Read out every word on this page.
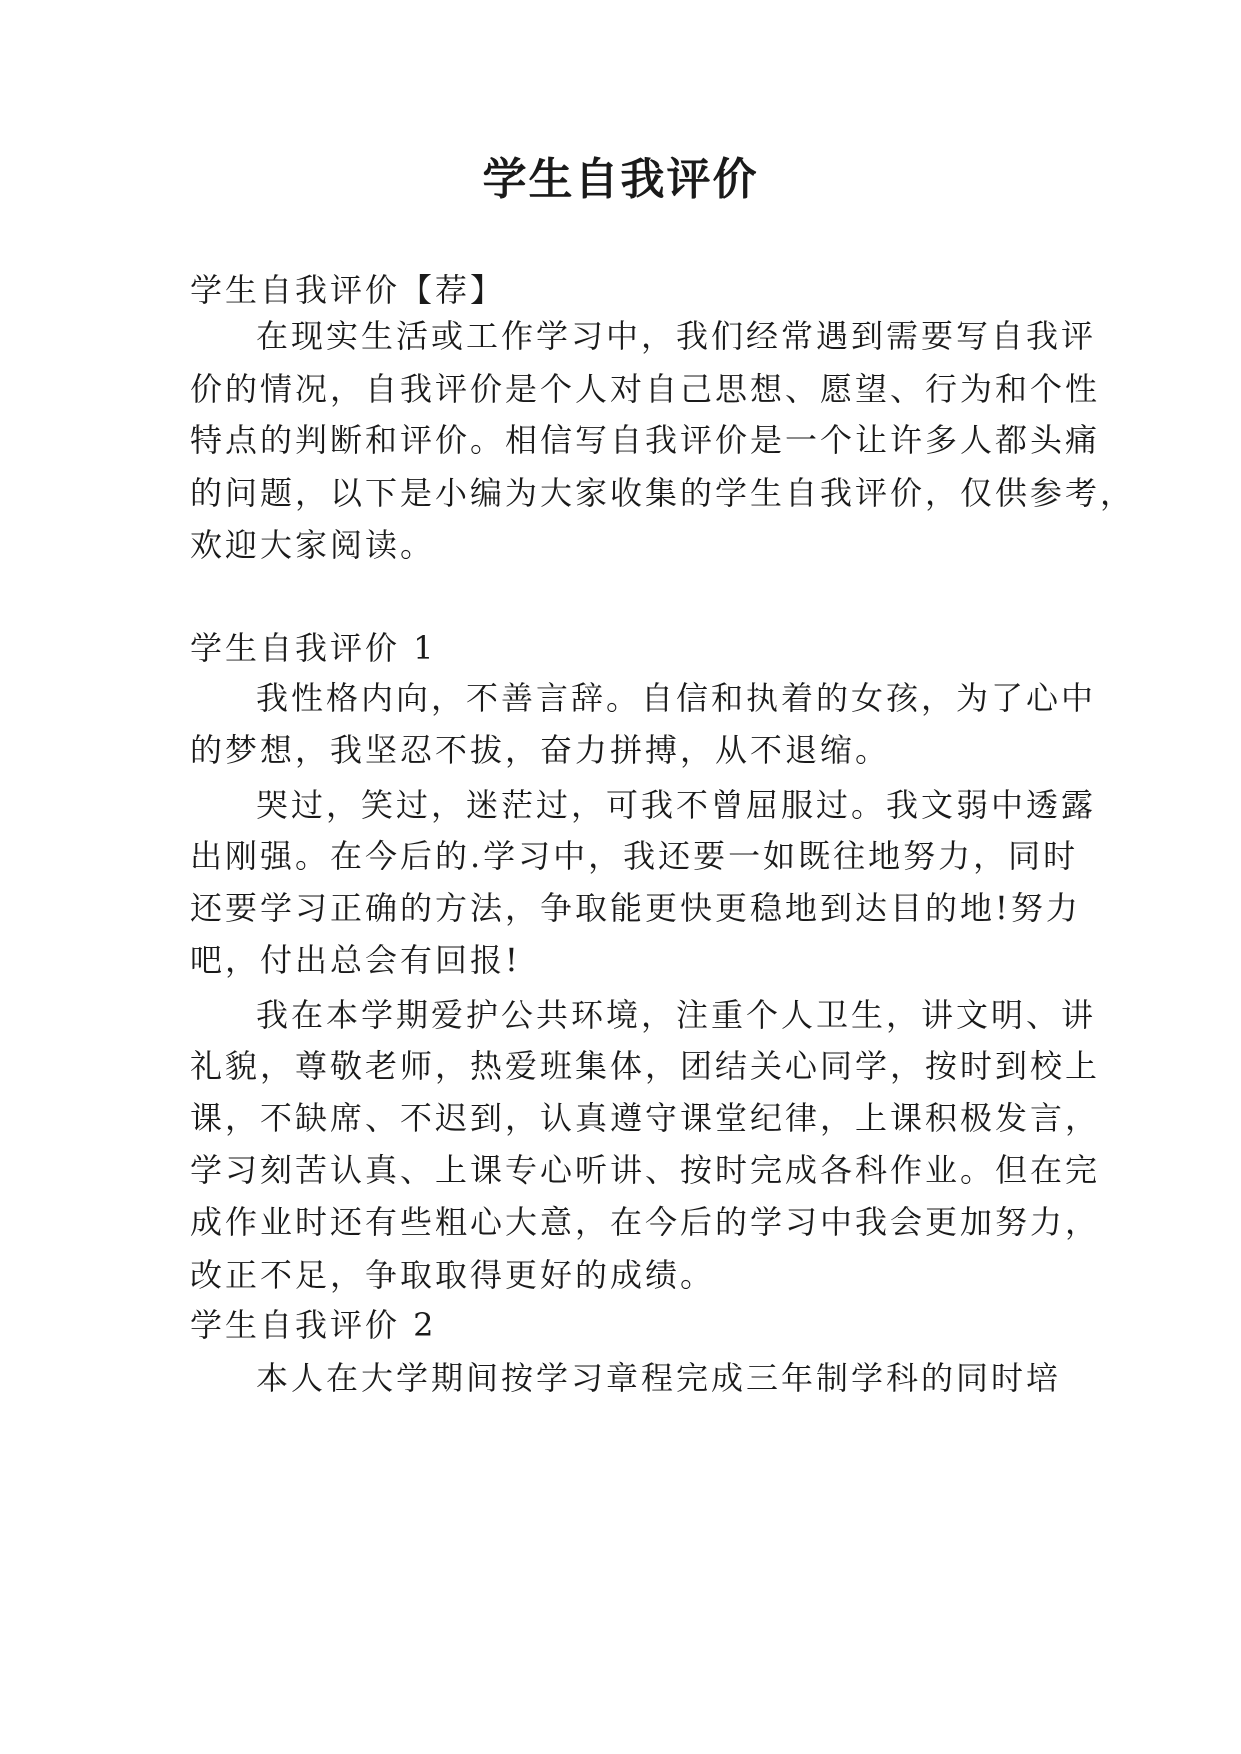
学生自我评价
学生自我评价【荐】
在现实生活或工作学习中，我们经常遇到需要写自我评
价的情况，自我评价是个人对自己思想、愿望、行为和个性
特点的判断和评价。相信写自我评价是一个让许多人都头痛
的问题，以下是小编为大家收集的学生自我评价，仅供参考，
欢迎大家阅读。
学生自我评价 1
我性格内向，不善言辞。自信和执着的女孩，为了心中
的梦想，我坚忍不拔，奋力拼搏，从不退缩。
哭过，笑过，迷茫过，可我不曾屈服过。我文弱中透露
出刚强。在今后的.学习中，我还要一如既往地努力，同时
还要学习正确的方法，争取能更快更稳地到达目的地!努力
吧，付出总会有回报!
我在本学期爱护公共环境，注重个人卫生，讲文明、讲
礼貌，尊敬老师，热爱班集体，团结关心同学，按时到校上
课，不缺席、不迟到，认真遵守课堂纪律，上课积极发言，
学习刻苦认真、上课专心听讲、按时完成各科作业。但在完
成作业时还有些粗心大意，在今后的学习中我会更加努力，
改正不足，争取取得更好的成绩。
学生自我评价 2
本人在大学期间按学习章程完成三年制学科的同时培
